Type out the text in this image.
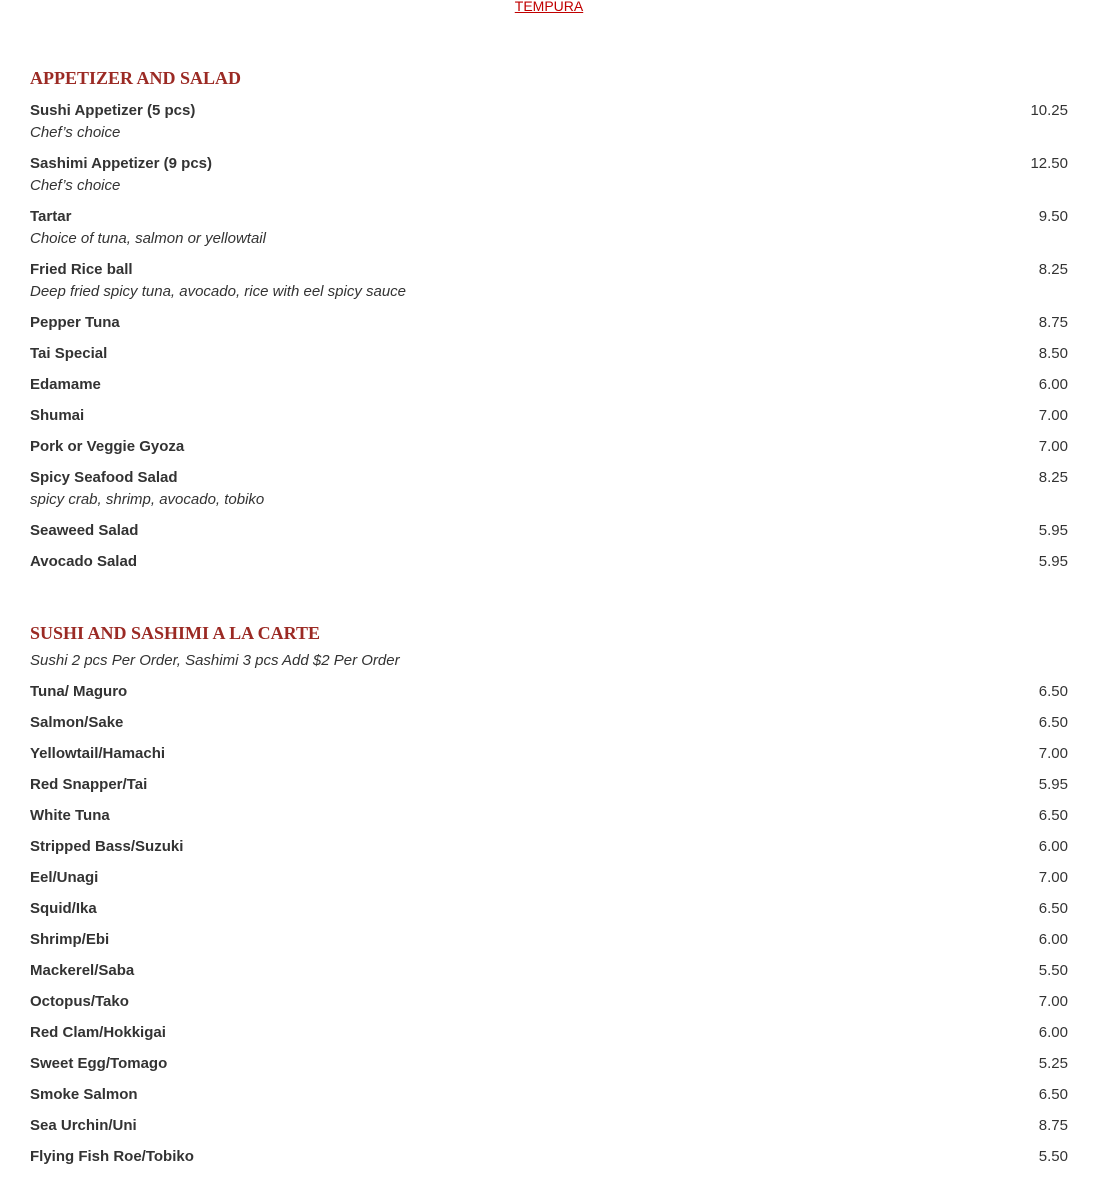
TEMPURA
APPETIZER AND SALAD
Sushi Appetizer (5 pcs)	10.25
Chef’s choice
Sashimi Appetizer (9 pcs)	12.50
Chef’s choice
Tartar	9.50
Choice of tuna, salmon or yellowtail
Fried Rice ball	8.25
Deep fried spicy tuna, avocado, rice with eel spicy sauce
Pepper Tuna	8.75
Tai Special	8.50
Edamame	6.00
Shumai	7.00
Pork or Veggie Gyoza	7.00
Spicy Seafood Salad	8.25
spicy crab, shrimp, avocado, tobiko
Seaweed Salad	5.95
Avocado Salad	5.95
SUSHI AND SASHIMI A LA CARTE
Sushi 2 pcs Per Order, Sashimi 3 pcs Add $2 Per Order
Tuna/ Maguro	6.50
Salmon/Sake	6.50
Yellowtail/Hamachi	7.00
Red Snapper/Tai	5.95
White Tuna	6.50
Stripped Bass/Suzuki	6.00
Eel/Unagi	7.00
Squid/Ika	6.50
Shrimp/Ebi	6.00
Mackerel/Saba	5.50
Octopus/Tako	7.00
Red Clam/Hokkigai	6.00
Sweet Egg/Tomago	5.25
Smoke Salmon	6.50
Sea Urchin/Uni	8.75
Flying Fish Roe/Tobiko	5.50
